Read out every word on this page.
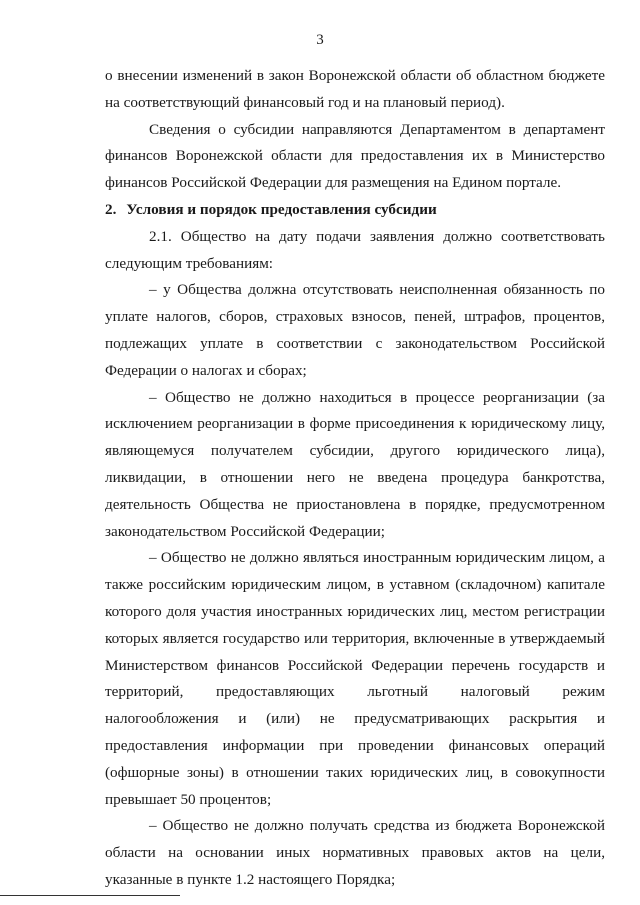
3

о внесении изменений в закон Воронежской области об областном бюджете на соответствующий финансовый год и на плановый период).

Сведения о субсидии направляются Департаментом в департамент финансов Воронежской области для предоставления их в Министерство финансов Российской Федерации для размещения на Едином портале.

2. Условия и порядок предоставления субсидии

2.1. Общество на дату подачи заявления должно соответствовать следующим требованиям:

– у Общества должна отсутствовать неисполненная обязанность по уплате налогов, сборов, страховых взносов, пеней, штрафов, процентов, подлежащих уплате в соответствии с законодательством Российской Федерации о налогах и сборах;

– Общество не должно находиться в процессе реорганизации (за исключением реорганизации в форме присоединения к юридическому лицу, являющемуся получателем субсидии, другого юридического лица), ликвидации, в отношении него не введена процедура банкротства, деятельность Общества не приостановлена в порядке, предусмотренном законодательством Российской Федерации;

– Общество не должно являться иностранным юридическим лицом, а также российским юридическим лицом, в уставном (складочном) капитале которого доля участия иностранных юридических лиц, местом регистрации которых является государство или территория, включенные в утверждаемый Министерством финансов Российской Федерации перечень государств и территорий, предоставляющих льготный налоговый режим налогообложения и (или) не предусматривающих раскрытия и предоставления информации при проведении финансовых операций (офшорные зоны) в отношении таких юридических лиц, в совокупности превышает 50 процентов;

– Общество не должно получать средства из бюджета Воронежской области на основании иных нормативных правовых актов на цели, указанные в пункте 1.2 настоящего Порядка;
